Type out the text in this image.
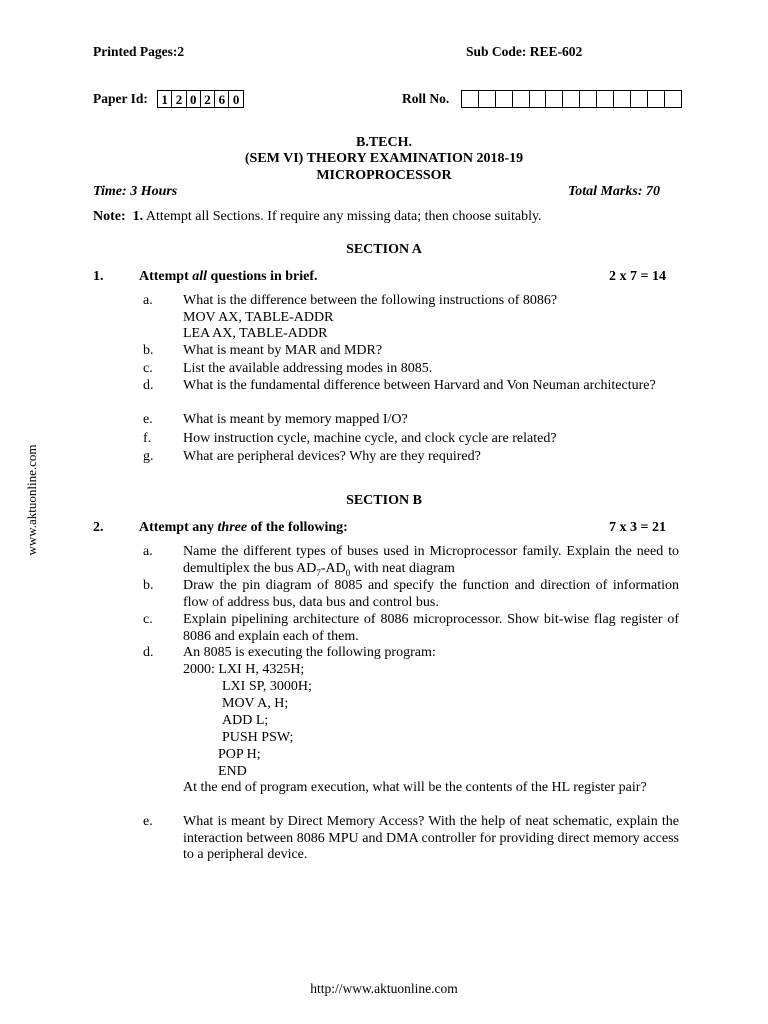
Printed Pages:2	Sub Code: REE-602
Paper Id: 1 2 0 2 6 0	Roll No.
B.TECH.
(SEM VI) THEORY EXAMINATION 2018-19
MICROPROCESSOR
Time: 3 Hours	Total Marks: 70
Note: 1. Attempt all Sections. If require any missing data; then choose suitably.
SECTION A
1.	Attempt all questions in brief.	2 x 7 = 14
a. What is the difference between the following instructions of 8086?
MOV AX, TABLE-ADDR
LEA AX, TABLE-ADDR
b. What is meant by MAR and MDR?
c. List the available addressing modes in 8085.
d. What is the fundamental difference between Harvard and Von Neuman architecture?
e. What is meant by memory mapped I/O?
f. How instruction cycle, machine cycle, and clock cycle are related?
g. What are peripheral devices? Why are they required?
SECTION B
2.	Attempt any three of the following:	7 x 3 = 21
a. Name the different types of buses used in Microprocessor family. Explain the need to demultiplex the bus $AD_7-AD_0$ with neat diagram
b. Draw the pin diagram of 8085 and specify the function and direction of information flow of address bus, data bus and control bus.
c. Explain pipelining architecture of 8086 microprocessor. Show bit-wise flag register of 8086 and explain each of them.
d. An 8085 is executing the following program:
2000: LXI H, 4325H;
LXI SP, 3000H;
MOV A, H;
ADD L;
PUSH PSW;
POP H;
END
At the end of program execution, what will be the contents of the HL register pair?
e. What is meant by Direct Memory Access? With the help of neat schematic, explain the interaction between 8086 MPU and DMA controller for providing direct memory access to a peripheral device.
www.aktuonline.com
http://www.aktuonline.com
